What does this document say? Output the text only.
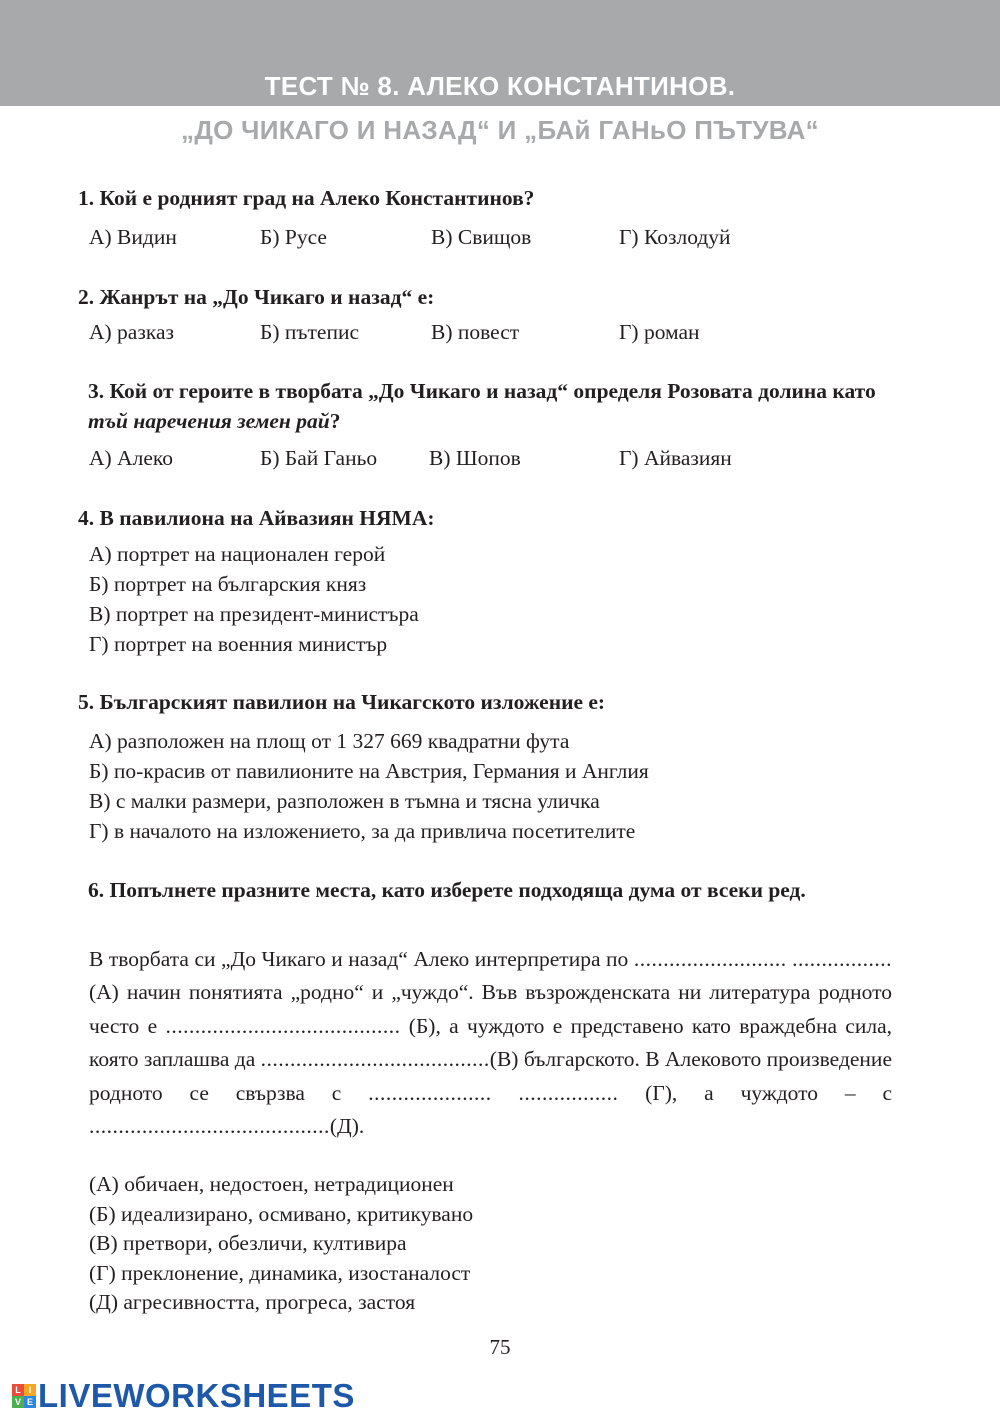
ТЕСТ № 8. АЛЕКО КОНСТАНТИНОВ.
„ДО ЧИКАГО И НАЗАД“ И „БАй ГАНьО ПЪТУВА“
1. Кой е родният град на Алеко Константинов?
А) Видин	Б) Русе	В) Свищов	Г) Козлодуй
2. Жанрът на „До Чикаго и назад“ е:
А) разказ	Б) пътепис	В) повест	Г) роман
3. Кой от героите в творбата „До Чикаго и назад“ определя Розовата долина като тъй наречения земен рай?
А) Алеко	Б) Бай Ганьо В) Шопов	Г) Айвазиян
4. В павилиона на Айвазиян НЯМА:
А) портрет на национален герой
Б) портрет на българския княз
В) портрет на президент-министъра
Г) портрет на военния министър
5. Българският павилион на Чикагското изложение е:
А) разположен на площ от 1 327 669 квадратни фута
Б) по-красив от павилионите на Австрия, Германия и Англия
В) с малки размери, разположен в тъмна и тясна уличка
Г) в началото на изложението, за да привлича посетителите
6. Попълнете празните места, като изберете подходяща дума от всеки ред.
В творбата си „До Чикаго и назад“ Алеко интерпретира по .......................... ................. (А) начин понятията „родно“ и „чуждо“. Във възрожденската ни литература родното често е ........................................ (Б), а чуждото е представено като враждебна сила, която заплашва да .......................................(В) българското. В Алековото произведение родното се свързва с ..................... ................. (Г), а чуждото – с .........................................(Д).
(А) обичаен, недостоен, нетрадиционен
(Б) идеализирано, осмивано, критикувано
(В) претвори, обезличи, култивира
(Г) преклонение, динамика, изостаналост
(Д) агресивността, прогреса, застоя
75
L I
V E LIVEWORKSHEETS
